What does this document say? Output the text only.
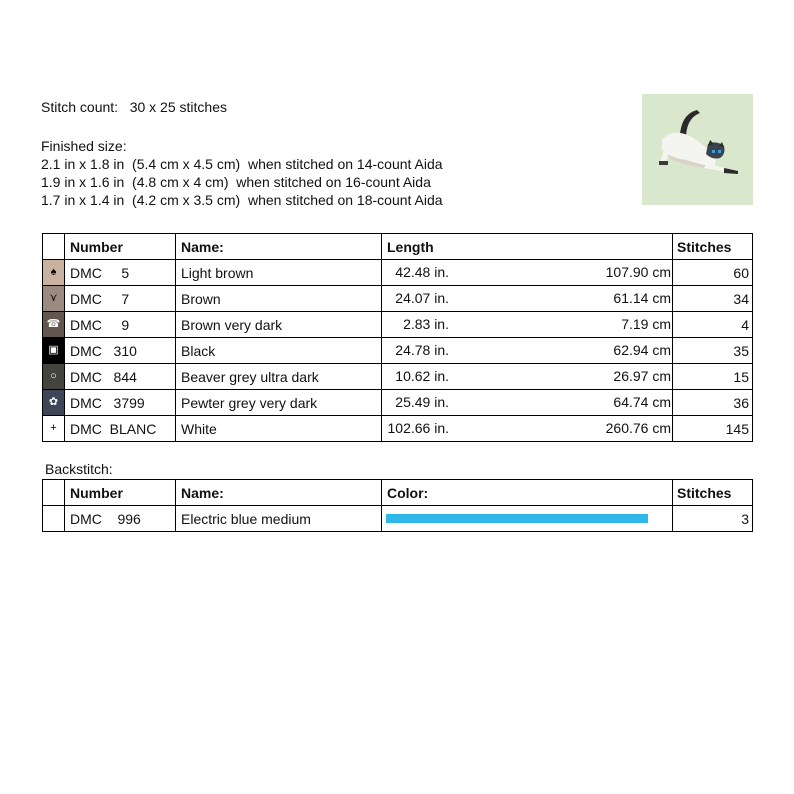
Stitch count:   30 x 25 stitches
Finished size:
2.1 in x 1.8 in  (5.4 cm x 4.5 cm)  when stitched on 14-count Aida
1.9 in x 1.6 in  (4.8 cm x 4 cm)  when stitched on 16-count Aida
1.7 in x 1.4 in  (4.2 cm x 3.5 cm)  when stitched on 18-count Aida
	Number	Name:	Length	Stitches
♠	DMC     5	Light brown	42.48 in. 107.90 cm	60
⋎	DMC     7	Brown	24.07 in. 61.14 cm	34
☎	DMC     9	Brown very dark	2.83 in. 7.19 cm	4
▣	DMC   310	Black	24.78 in. 62.94 cm	35
○	DMC   844	Beaver grey ultra dark	10.62 in. 26.97 cm	15
✿	DMC   3799	Pewter grey very dark	25.49 in. 64.74 cm	36
+	DMC  BLANC	White	102.66 in. 260.76 cm	145
Backstitch:
	Number	Name:	Color:	Stitches
	DMC    996	Electric blue medium		3
